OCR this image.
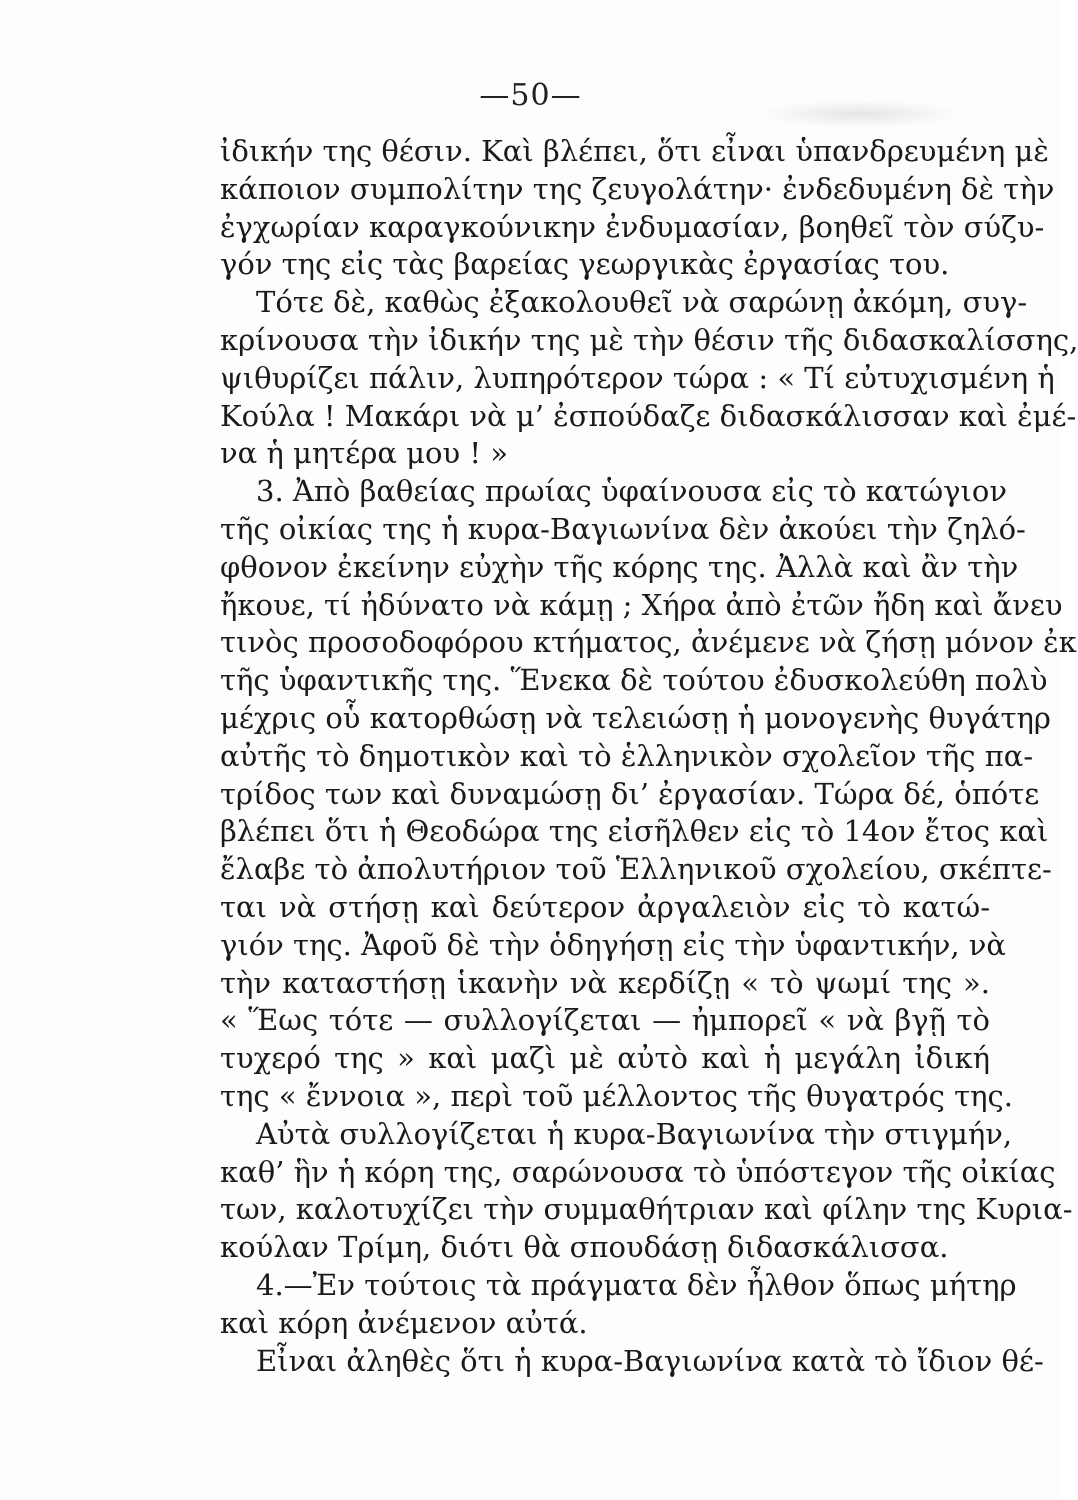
—50—
ἰδικήν της θέσιν. Καὶ βλέπει, ὅτι εἶναι ὑπανδρευμένη μὲ
κάποιον συμπολίτην της ζευγολάτην· ἐνδεδυμένη δὲ τὴν
ἐγχωρίαν καραγκούνικην ἐνδυμασίαν, βοηθεῖ τὸν σύζυ-
γόν της εἰς τὰς βαρείας γεωργικὰς ἐργασίας του.
Τότε δὲ, καθὼς ἐξακολουθεῖ νὰ σαρώνῃ ἀκόμη, συγ-
κρίνουσα τὴν ἰδικήν της μὲ τὴν θέσιν τῆς διδασκαλίσσης,
ψιθυρίζει πάλιν, λυπηρότερον τώρα : « Τί εὐτυχισμένη ἡ
Κούλα ! Μακάρι νὰ μ’ ἐσπούδαζε διδασκάλισσαν καὶ ἐμέ-
να ἡ μητέρα μου ! »
3. Ἀπὸ βαθείας πρωίας ὑφαίνουσα εἰς τὸ κατώγιον
τῆς οἰκίας της ἡ κυρα-Βαγιωνίνα δὲν ἀκούει τὴν ζηλό-
φθονον ἐκείνην εὐχὴν τῆς κόρης της. Ἀλλὰ καὶ ἂν τὴν
ἤκουε, τί ἠδύνατο νὰ κάμῃ ; Χήρα ἀπὸ ἐτῶν ἤδη καὶ ἄνευ
τινὸς προσοδοφόρου κτήματος, ἀνέμενε νὰ ζήσῃ μόνον ἐκ
τῆς ὑφαντικῆς της. Ἕνεκα δὲ τούτου ἐδυσκολεύθη πολὺ
μέχρις οὗ κατορθώσῃ νὰ τελειώσῃ ἡ μονογενὴς θυγάτηρ
αὐτῆς τὸ δημοτικὸν καὶ τὸ ἑλληνικὸν σχολεῖον τῆς πα-
τρίδος των καὶ δυναμώσῃ δι’ ἐργασίαν. Τώρα δέ, ὁπότε
βλέπει ὅτι ἡ Θεοδώρα της εἰσῆλθεν εἰς τὸ 14ον ἔτος καὶ
ἔλαβε τὸ ἀπολυτήριον τοῦ Ἑλληνικοῦ σχολείου, σκέπτε-
ται νὰ στήσῃ καὶ δεύτερον ἀργαλειὸν εἰς τὸ κατώ-
γιόν της. Ἀφοῦ δὲ τὴν ὁδηγήσῃ εἰς τὴν ὑφαντικήν, νὰ
τὴν καταστήσῃ ἱκανὴν νὰ κερδίζῃ « τὸ ψωμί της ».
« Ἕως τότε — συλλογίζεται — ἠμπορεῖ « νὰ βγῇ τὸ
τυχερό της » καὶ μαζὶ μὲ αὐτὸ καὶ ἡ μεγάλη ἰδική
της « ἔννοια », περὶ τοῦ μέλλοντος τῆς θυγατρός της.
Αὐτὰ συλλογίζεται ἡ κυρα-Βαγιωνίνα τὴν στιγμήν,
καθ’ ἣν ἡ κόρη της, σαρώνουσα τὸ ὑπόστεγον τῆς οἰκίας
των, καλοτυχίζει τὴν συμμαθήτριαν καὶ φίλην της Κυρια-
κούλαν Τρίμη, διότι θὰ σπουδάσῃ διδασκάλισσα.
4.—Ἐν τούτοις τὰ πράγματα δὲν ἦλθον ὅπως μήτηρ
καὶ κόρη ἀνέμενον αὐτά.
Εἶναι ἀληθὲς ὅτι ἡ κυρα-Βαγιωνίνα κατὰ τὸ ἴδιον θέ-
